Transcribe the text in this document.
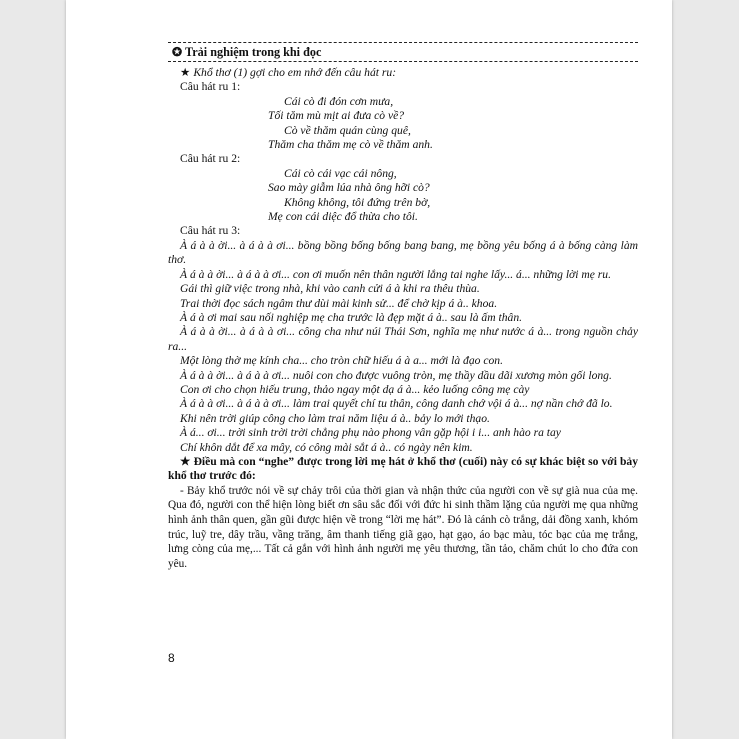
✪ Trải nghiệm trong khi đọc
★ Khổ thơ (1) gợi cho em nhớ đến câu hát ru:
Câu hát ru 1:
Cái cò đi đón cơn mưa,
Tối tăm mù mịt ai đưa cò về?
Cò về thăm quán cùng quê,
Thăm cha thăm mẹ cò về thăm anh.
Câu hát ru 2:
Cái cò cái vạc cái nông,
Sao mày giẫm lúa nhà ông hỡi cò?
Không không, tôi đứng trên bờ,
Mẹ con cái diệc đổ thừa cho tôi.
Câu hát ru 3:

À á à à ời... à á à à ơi... bồng bồng bống bống bang bang, mẹ bồng yêu bống á à bống càng làm thơ.

À á à à ời... à á à à ơi... con ơi muốn nên thân người lắng tai nghe lấy... á... những lời mẹ ru.

Gái thì giữ việc trong nhà, khi vào canh cửi á à khi ra thêu thùa.

Trai thời đọc sách ngâm thư dùi mài kinh sử... để chờ kịp á à.. khoa.

À á à ơi mai sau nối nghiệp mẹ cha trước là đẹp mặt á à.. sau là ấm thân.

À á à à ời... à á à à ơi... công cha như núi Thái Sơn, nghĩa mẹ như nước á à... trong nguồn chảy ra...

Một lòng thờ mẹ kính cha... cho tròn chữ hiếu á à a... mới là đạo con.

À á à à ời... à á à à ơi... nuôi con cho được vuông tròn, mẹ thầy dầu dãi xương mòn gối long.

Con ơi cho chọn hiếu trung, thảo ngay một dạ á à... kẻo luống công mẹ cày

À á à à ơi... à á à à ơi... làm trai quyết chí tu thân, công danh chớ vội á à... nợ nần chớ đã lo.

Khi nên trời giúp công cho làm trai năm liệu á à.. bảy lo mới thạo.

À á... ơi... trời sinh trời trời chẳng phụ nào phong vân gặp hội i i... anh hào ra tay

Chí khôn dắt để xa mây, có công mài sắt á à.. có ngày nên kim.

★ Điều mà con “nghe” được trong lời mẹ hát ở khổ thơ (cuối) này có sự khác biệt so với bảy khổ thơ trước đó:

- Bảy khổ trước nói về sự chảy trôi của thời gian và nhận thức của người con về sự già nua của mẹ. Qua đó, người con thể hiện lòng biết ơn sâu sắc đối với đức hi sinh thầm lặng của người mẹ qua những hình ảnh thân quen, gần gũi được hiện về trong “lời mẹ hát”. Đó là cánh cò trắng, dải đồng xanh, khóm trúc, luỹ tre, dây trầu, vầng trăng, âm thanh tiếng giã gạo, hạt gạo, áo bạc màu, tóc bạc của mẹ trắng, lưng còng của mẹ,... Tất cả gắn với hình ảnh người mẹ yêu thương, tần tảo, chăm chút lo cho đứa con yêu.

8
